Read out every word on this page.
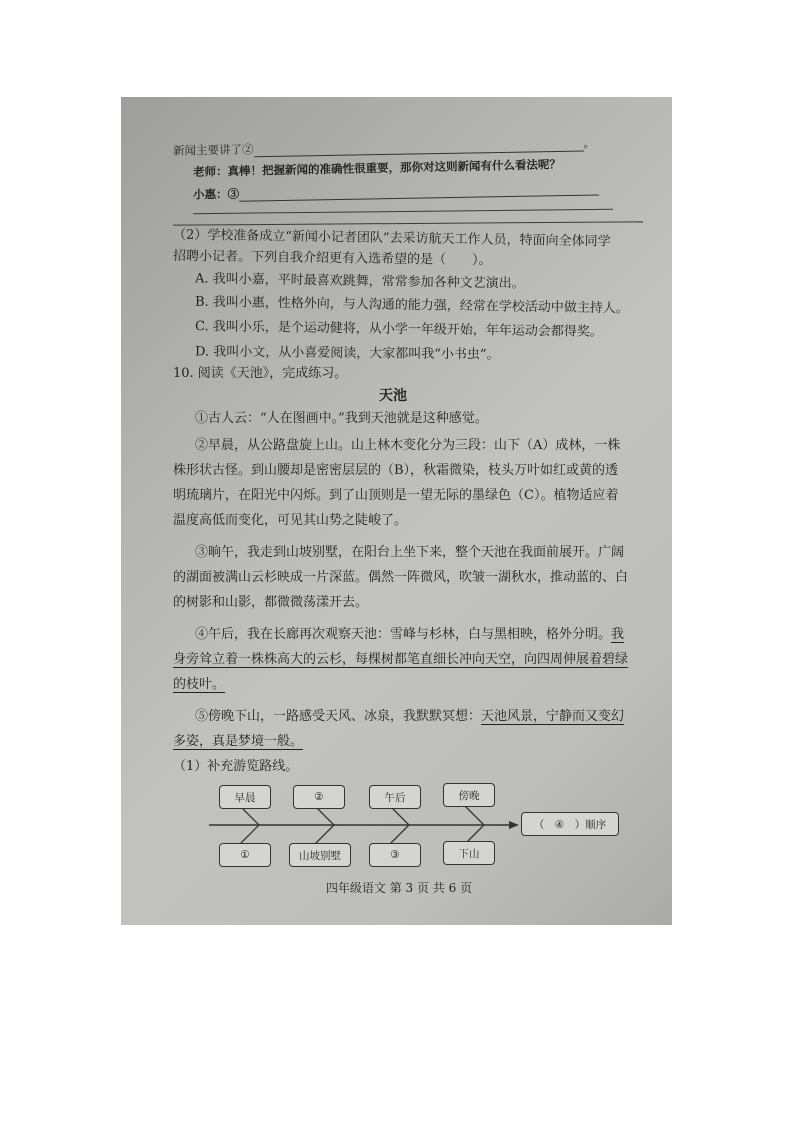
新闻主要讲了②	。
老师：真棒！把握新闻的准确性很重要，那你对这则新闻有什么看法呢？
小惠：③
（2）学校准备成立“新闻小记者团队”去采访航天工作人员，特面向全体同学
招聘小记者。下列自我介绍更有入选希望的是（　　）。
A. 我叫小嘉，平时最喜欢跳舞，常常参加各种文艺演出。
B. 我叫小惠，性格外向，与人沟通的能力强，经常在学校活动中做主持人。
C. 我叫小乐，是个运动健将，从小学一年级开始，年年运动会都得奖。
D. 我叫小文，从小喜爱阅读，大家都叫我“小书虫”。
10. 阅读《天池》，完成练习。
天池
①古人云：“人在图画中。”我到天池就是这种感觉。
②早晨，从公路盘旋上山。山上林木变化分为三段：山下（A）成林，一株
株形状古怪。到山腰却是密密层层的（B），秋霜微染，枝头万叶如红或黄的透
明琉璃片，在阳光中闪烁。到了山顶则是一望无际的墨绿色（C）。植物适应着
温度高低而变化，可见其山势之陡峻了。
③晌午，我走到山坡别墅，在阳台上坐下来，整个天池在我面前展开。广阔
的湖面被满山云杉映成一片深蓝。偶然一阵微风，吹皱一湖秋水，推动蓝的、白
的树影和山影，都微微荡漾开去。
④午后，我在长廊再次观察天池：雪峰与杉林，白与黑相映，格外分明。我
身旁耸立着一株株高大的云杉，每棵树都笔直细长冲向天空，向四周伸展着碧绿
的枝叶。
⑤傍晚下山，一路感受天风、冰泉，我默默冥想：天池风景，宁静而又变幻
多姿，真是梦境一般。
（1）补充游览路线。
早晨	②	午后	傍晚
①	山坡别墅	③	下山
（　④　）顺序
四年级语文 第 3 页 共 6 页
